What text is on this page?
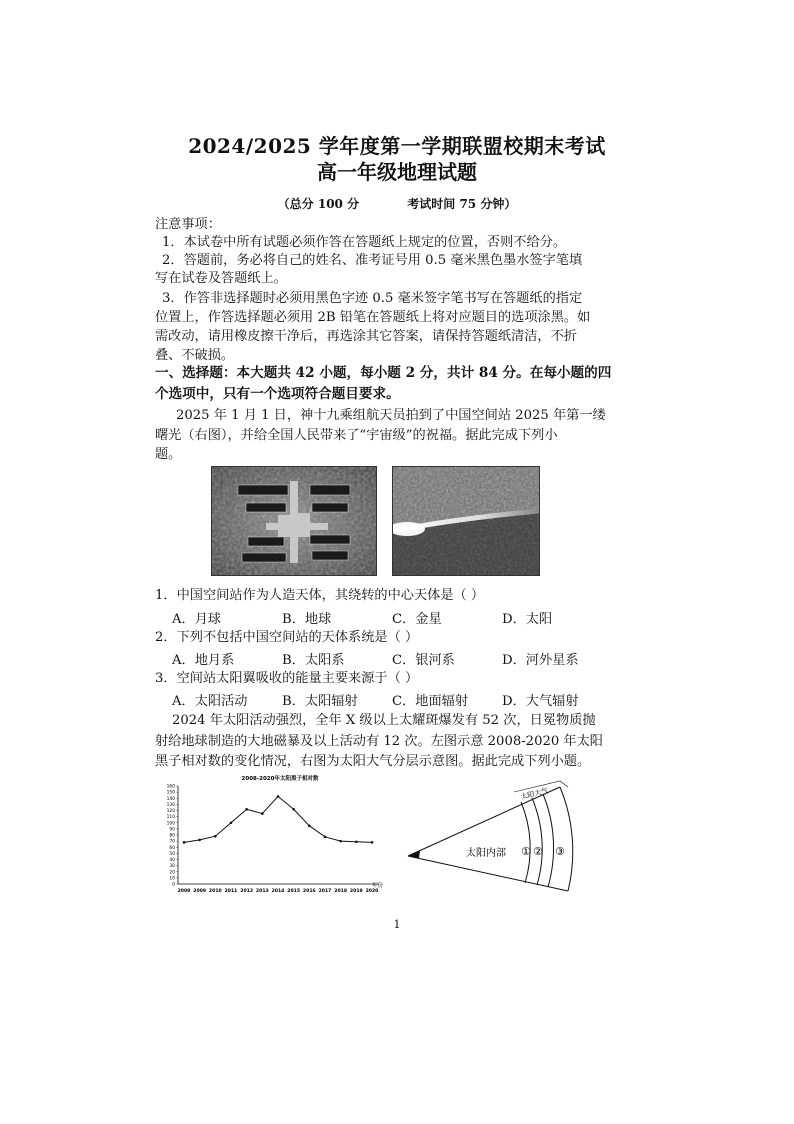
2024/2025 学年度第一学期联盟校期末考试
高一年级地理试题
（总分 100 分	考试时间 75 分钟）
注意事项：
1．本试卷中所有试题必须作答在答题纸上规定的位置，否则不给分。
2．答题前，务必将自己的姓名、准考证号用 0.5 毫米黑色墨水签字笔填
写在试卷及答题纸上。
3．作答非选择题时必须用黑色字迹 0.5 毫米签字笔书写在答题纸的指定
位置上，作答选择题必须用 2B 铅笔在答题纸上将对应题目的选项涂黑。如
需改动，请用橡皮擦干净后，再选涂其它答案，请保持答题纸清洁，不折
叠、不破损。
一、选择题：本大题共 42 小题，每小题 2 分，共计 84 分。在每小题的四
个选项中，只有一个选项符合题目要求。
2025 年 1 月 1 日，神十九乘组航天员拍到了中国空间站 2025 年第一缕
曙光（右图），并给全国人民带来了“宇宙级”的祝福。据此完成下列小
题。
1．中国空间站作为人造天体，其绕转的中心天体是（ ）
A．月球	B．地球	C．金星	D．太阳
2．下列不包括中国空间站的天体系统是（ ）
A．地月系	B．太阳系	C．银河系	D．河外星系
3．空间站太阳翼吸收的能量主要来源于（ ）
A．太阳活动	B．太阳辐射	C．地面辐射	D．大气辐射
2024 年太阳活动强烈，全年 X 级以上太耀斑爆发有 52 次，日冕物质抛
射给地球制造的大地磁暴及以上活动有 12 次。左图示意 2008-2020 年太阳
黑子相对数的变化情况，右图为太阳大气分层示意图。据此完成下列小题。
2008-2020年太阳黑子相对数
0
10
20
30
40
50
60
70
80
90
100
110
120
130
140
150
160
2008 2009 2010 2011 2012 2013 2014 2015 2016 2017 2018 2019 2020
年份
太阳内部
太阳大气
① ② ③
1
